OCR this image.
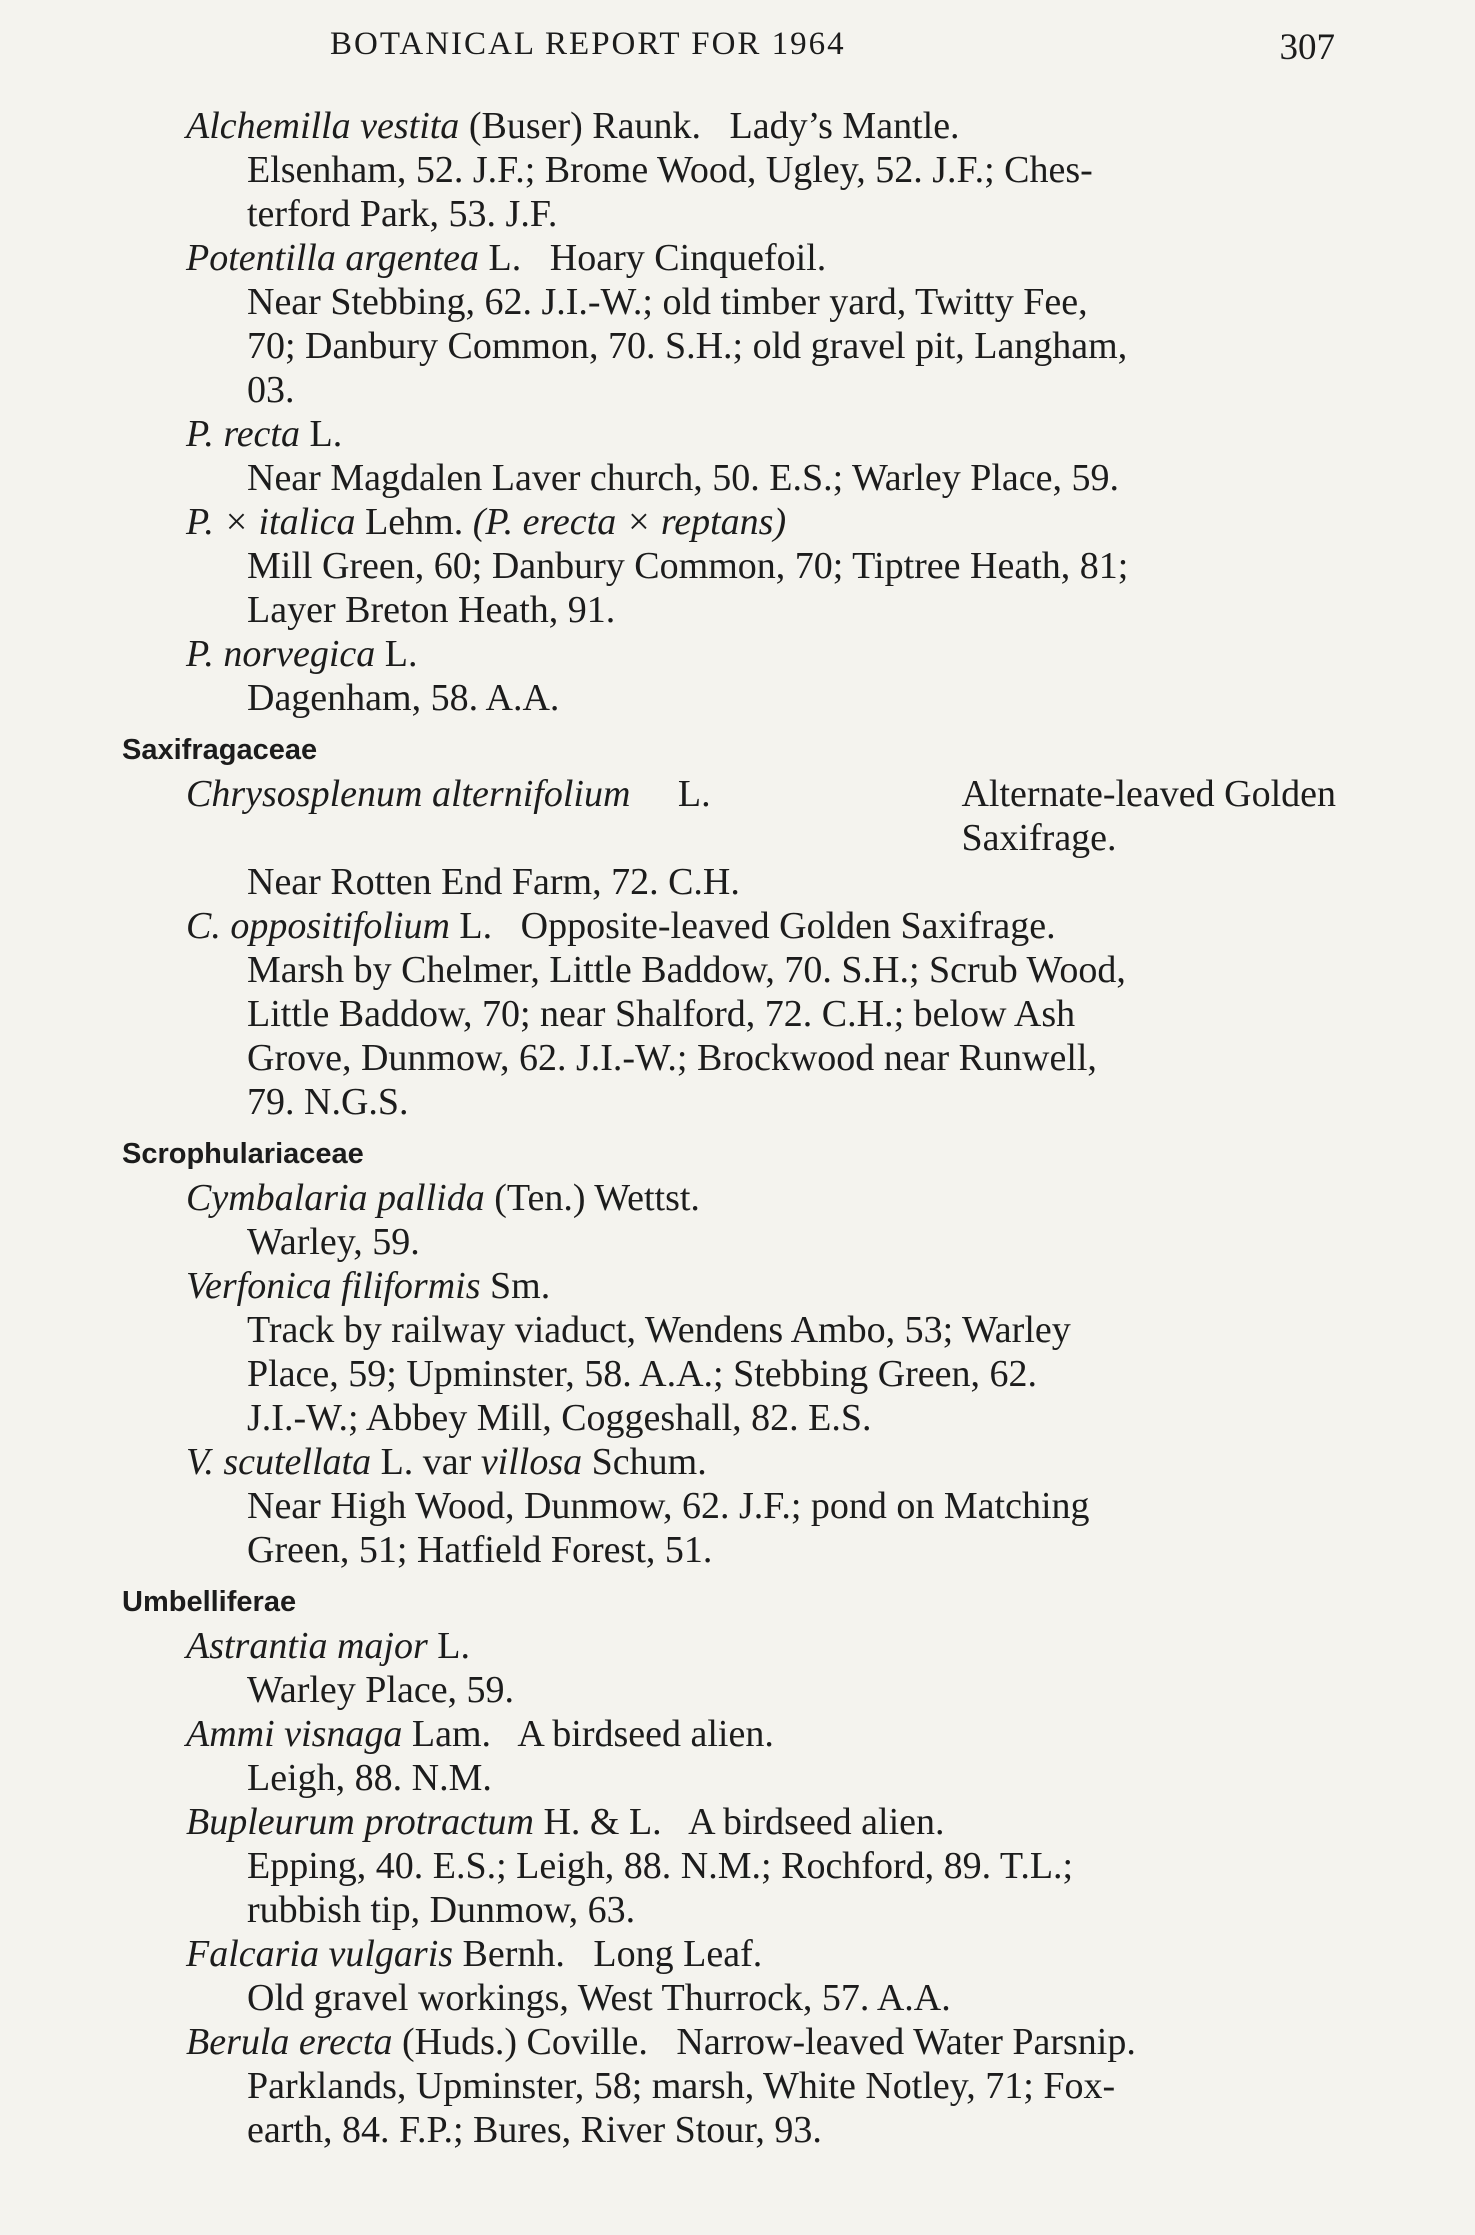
BOTANICAL REPORT FOR 1964	307
Alchemilla vestita (Buser) Raunk. Lady’s Mantle.
Elsenham, 52. J.F.; Brome Wood, Ugley, 52. J.F.; Ches-
terford Park, 53. J.F.
Potentilla argentea L. Hoary Cinquefoil.
Near Stebbing, 62. J.I.-W.; old timber yard, Twitty Fee,
70; Danbury Common, 70. S.H.; old gravel pit, Langham,
03.
P. recta L.
Near Magdalen Laver church, 50. E.S.; Warley Place, 59.
P. × italica Lehm. (P. erecta × reptans)
Mill Green, 60; Danbury Common, 70; Tiptree Heath, 81;
Layer Breton Heath, 91.
P. norvegica L.
Dagenham, 58. A.A.
Saxifragaceae
Chrysosplenum alternifolium L.	Alternate-leaved Golden
Saxifrage.
Near Rotten End Farm, 72. C.H.
C. oppositifolium L. Opposite-leaved Golden Saxifrage.
Marsh by Chelmer, Little Baddow, 70. S.H.; Scrub Wood,
Little Baddow, 70; near Shalford, 72. C.H.; below Ash
Grove, Dunmow, 62. J.I.-W.; Brockwood near Runwell,
79. N.G.S.
Scrophulariaceae
Cymbalaria pallida (Ten.) Wettst.
Warley, 59.
Verfonica filiformis Sm.
Track by railway viaduct, Wendens Ambo, 53; Warley
Place, 59; Upminster, 58. A.A.; Stebbing Green, 62.
J.I.-W.; Abbey Mill, Coggeshall, 82. E.S.
V. scutellata L. var villosa Schum.
Near High Wood, Dunmow, 62. J.F.; pond on Matching
Green, 51; Hatfield Forest, 51.
Umbelliferae
Astrantia major L.
Warley Place, 59.
Ammi visnaga Lam. A birdseed alien.
Leigh, 88. N.M.
Bupleurum protractum H. & L. A birdseed alien.
Epping, 40. E.S.; Leigh, 88. N.M.; Rochford, 89. T.L.;
rubbish tip, Dunmow, 63.
Falcaria vulgaris Bernh. Long Leaf.
Old gravel workings, West Thurrock, 57. A.A.
Berula erecta (Huds.) Coville. Narrow-leaved Water Parsnip.
Parklands, Upminster, 58; marsh, White Notley, 71; Fox-
earth, 84. F.P.; Bures, River Stour, 93.
